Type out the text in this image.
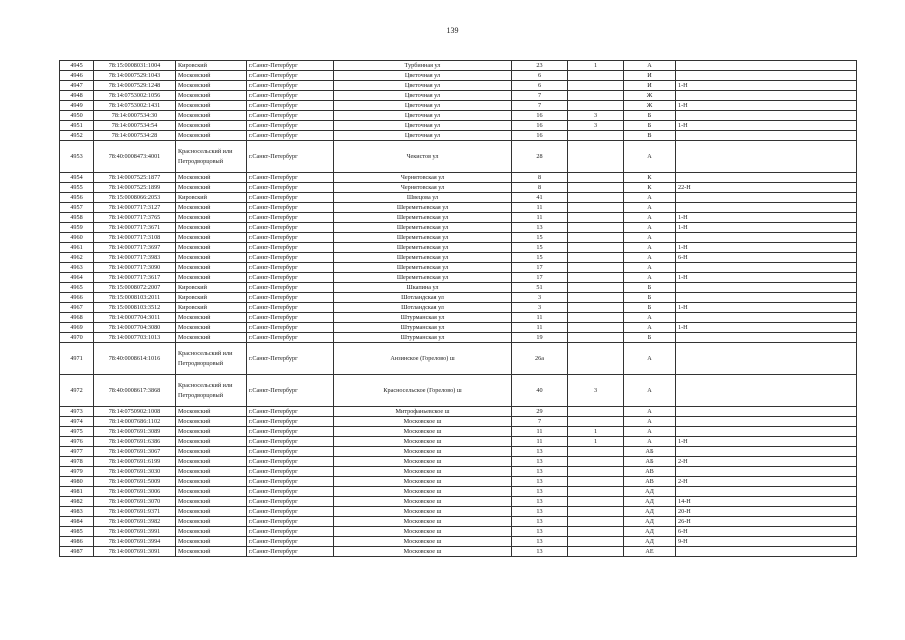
139
4945	78:15:0008031:1004	Кировский	г.Санкт-Петербург	Турбинная ул	23	1	А	
4946	78:14:0007529:1043	Московский	г.Санкт-Петербург	Цветочная ул	6		И	
4947	78:14:0007529:1248	Московский	г.Санкт-Петербург	Цветочная ул	6		И	1-Н
4948	78:14:0753002:1056	Московский	г.Санкт-Петербург	Цветочная ул	7		Ж	
4949	78:14:0753002:1431	Московский	г.Санкт-Петербург	Цветочная ул	7		Ж	1-Н
4950	78:14:0007534:30	Московский	г.Санкт-Петербург	Цветочная ул	16	3	Б	
4951	78:14:0007534:54	Московский	г.Санкт-Петербург	Цветочная ул	16	3	Б	1-Н
4952	78:14:0007534:28	Московский	г.Санкт-Петербург	Цветочная ул	16		В	
4953	78:40:0008473:4001	Красносельский или Петродворцовый	г.Санкт-Петербург	Чекистов ул	28		А	
4954	78:14:0007525:1877	Московский	г.Санкт-Петербург	Чернятовская ул	8		К	
4955	78:14:0007525:1899	Московский	г.Санкт-Петербург	Чернятовская ул	8		К	22-Н
4956	78:15:0008066:2053	Кировский	г.Санкт-Петербург	Швецова ул	41		А	
4957	78:14:0007717:3127	Московский	г.Санкт-Петербург	Шереметьевская ул	11		А	
4958	78:14:0007717:3765	Московский	г.Санкт-Петербург	Шереметьевская ул	11		А	1-Н
4959	78:14:0007717:3671	Московский	г.Санкт-Петербург	Шереметьевская ул	13		А	1-Н
4960	78:14:0007717:3108	Московский	г.Санкт-Петербург	Шереметьевская ул	15		А	
4961	78:14:0007717:3697	Московский	г.Санкт-Петербург	Шереметьевская ул	15		А	1-Н
4962	78:14:0007717:3983	Московский	г.Санкт-Петербург	Шереметьевская ул	15		А	6-Н
4963	78:14:0007717:3090	Московский	г.Санкт-Петербург	Шереметьевская ул	17		А	
4964	78:14:0007717:3617	Московский	г.Санкт-Петербург	Шереметьевская ул	17		А	1-Н
4965	78:15:0008072:2007	Кировский	г.Санкт-Петербург	Шкапина ул	51		Б	
4966	78:15:0008103:2011	Кировский	г.Санкт-Петербург	Шотландская ул	3		Б	
4967	78:15:0008103:3512	Кировский	г.Санкт-Петербург	Шотландская ул	3		Б	1-Н
4968	78:14:0007704:3011	Московский	г.Санкт-Петербург	Штурманская ул	11		А	
4969	78:14:0007704:3080	Московский	г.Санкт-Петербург	Штурманская ул	11		А	1-Н
4970	78:14:0007703:1013	Московский	г.Санкт-Петербург	Штурманская ул	19		Б	
4971	78:40:0008614:1016	Красносельский или Петродворцовый	г.Санкт-Петербург	Анзинское (Горелово) ш	26а		А	
4972	78:40:0008617:3868	Красносельский или Петродворцовый	г.Санкт-Петербург	Красносельское (Горелово) ш	40	3	А	
4973	78:14:0750902:1008	Московский	г.Санкт-Петербург	Митрофаньевское ш	29		А	
4974	78:14:0007686:1102	Московский	г.Санкт-Петербург	Московское ш	7		А	
4975	78:14:0007691:3089	Московский	г.Санкт-Петербург	Московское ш	11	1	А	
4976	78:14:0007691:6386	Московский	г.Санкт-Петербург	Московское ш	11	1	А	1-Н
4977	78:14:0007691:3067	Московский	г.Санкт-Петербург	Московское ш	13		АБ	
4978	78:14:0007691:6199	Московский	г.Санкт-Петербург	Московское ш	13		АБ	2-Н
4979	78:14:0007691:3030	Московский	г.Санкт-Петербург	Московское ш	13		АВ	
4980	78:14:0007691:5009	Московский	г.Санкт-Петербург	Московское ш	13		АВ	2-Н
4981	78:14:0007691:3006	Московский	г.Санкт-Петербург	Московское ш	13		АД	
4982	78:14:0007691:3070	Московский	г.Санкт-Петербург	Московское ш	13		АД	14-Н
4983	78:14:0007691:9371	Московский	г.Санкт-Петербург	Московское ш	13		АД	20-Н
4984	78:14:0007691:3982	Московский	г.Санкт-Петербург	Московское ш	13		АД	26-Н
4985	78:14:0007691:3991	Московский	г.Санкт-Петербург	Московское ш	13		АД	6-Н
4986	78:14:0007691:3994	Московский	г.Санкт-Петербург	Московское ш	13		АД	9-Н
4987	78:14:0007691:3091	Московский	г.Санкт-Петербург	Московское ш	13		АЕ	
